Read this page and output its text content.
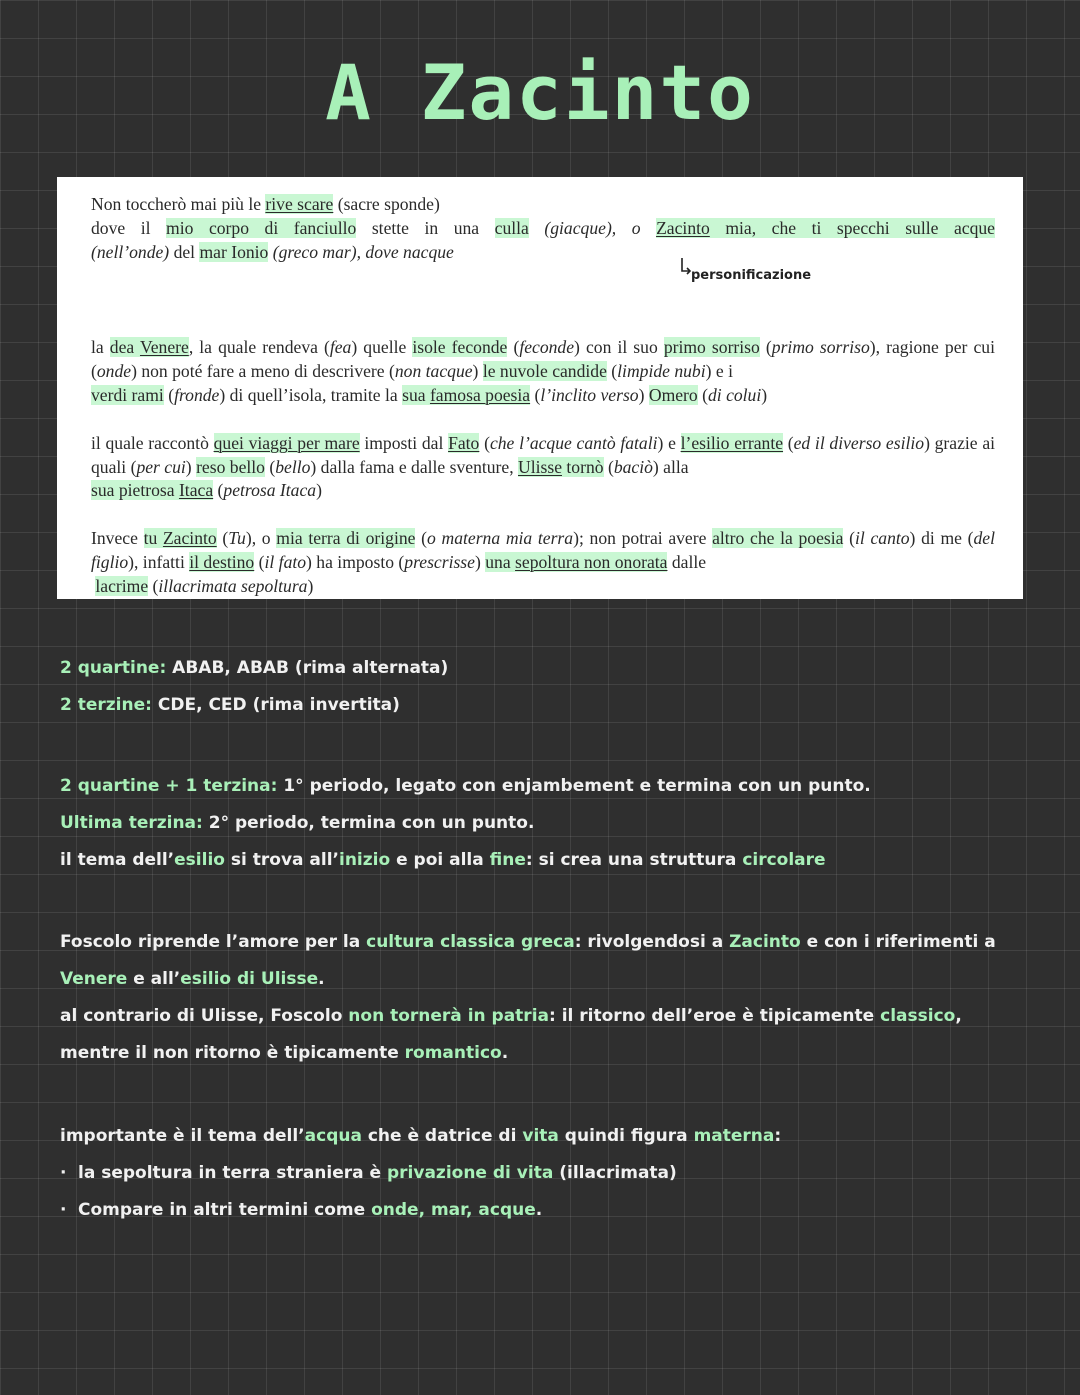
A Zacinto

Non toccherò mai più le rive scare (sacre sponde)

dove il mio corpo di fanciullo stette in una culla (giacque), o Zacinto mia, che ti specchi sulle acque

(nell’onde) del mar Ionio (greco mar), dove nacque

personificazione

la dea Venere, la quale rendeva (fea) quelle isole feconde (feconde) con il suo primo sorriso (primo sorriso), ragione per cui (onde) non poté fare a meno di descrivere (non tacque) le nuvole candide (limpide nubi) e i
verdi rami (fronde) di quell’isola, tramite la sua famosa poesia (l’inclito verso) Omero (di colui)

il quale raccontò quei viaggi per mare imposti dal Fato (che l’acque cantò fatali) e l’esilio errante (ed il diverso esilio) grazie ai quali (per cui) reso bello (bello) dalla fama e dalle sventure, Ulisse tornò (baciò) alla
sua pietrosa Itaca (petrosa Itaca)

Invece tu Zacinto (Tu), o mia terra di origine (o materna mia terra); non potrai avere altro che la poesia (il canto) di me (del figlio), infatti il destino (il fato) ha imposto (prescrisse) una sepoltura non onorata dalle
lacrime (illacrimata sepoltura)

2 quartine: ABAB, ABAB (rima alternata)
2 terzine: CDE, CED (rima invertita)
2 quartine + 1 terzina: 1° periodo, legato con enjambement e termina con un punto.
Ultima terzina: 2° periodo, termina con un punto.
il tema dell’esilio si trova all’inizio e poi alla fine: si crea una struttura circolare
Foscolo riprende l’amore per la cultura classica greca: rivolgendosi a Zacinto e con i riferimenti a
Venere e all’esilio di Ulisse.
al contrario di Ulisse, Foscolo non tornerà in patria: il ritorno dell’eroe è tipicamente classico,
mentre il non ritorno è tipicamente romantico.
importante è il tema dell’acqua che è datrice di vita quindi figura materna:
· la sepoltura in terra straniera è privazione di vita (illacrimata)
· Compare in altri termini come onde, mar, acque.
